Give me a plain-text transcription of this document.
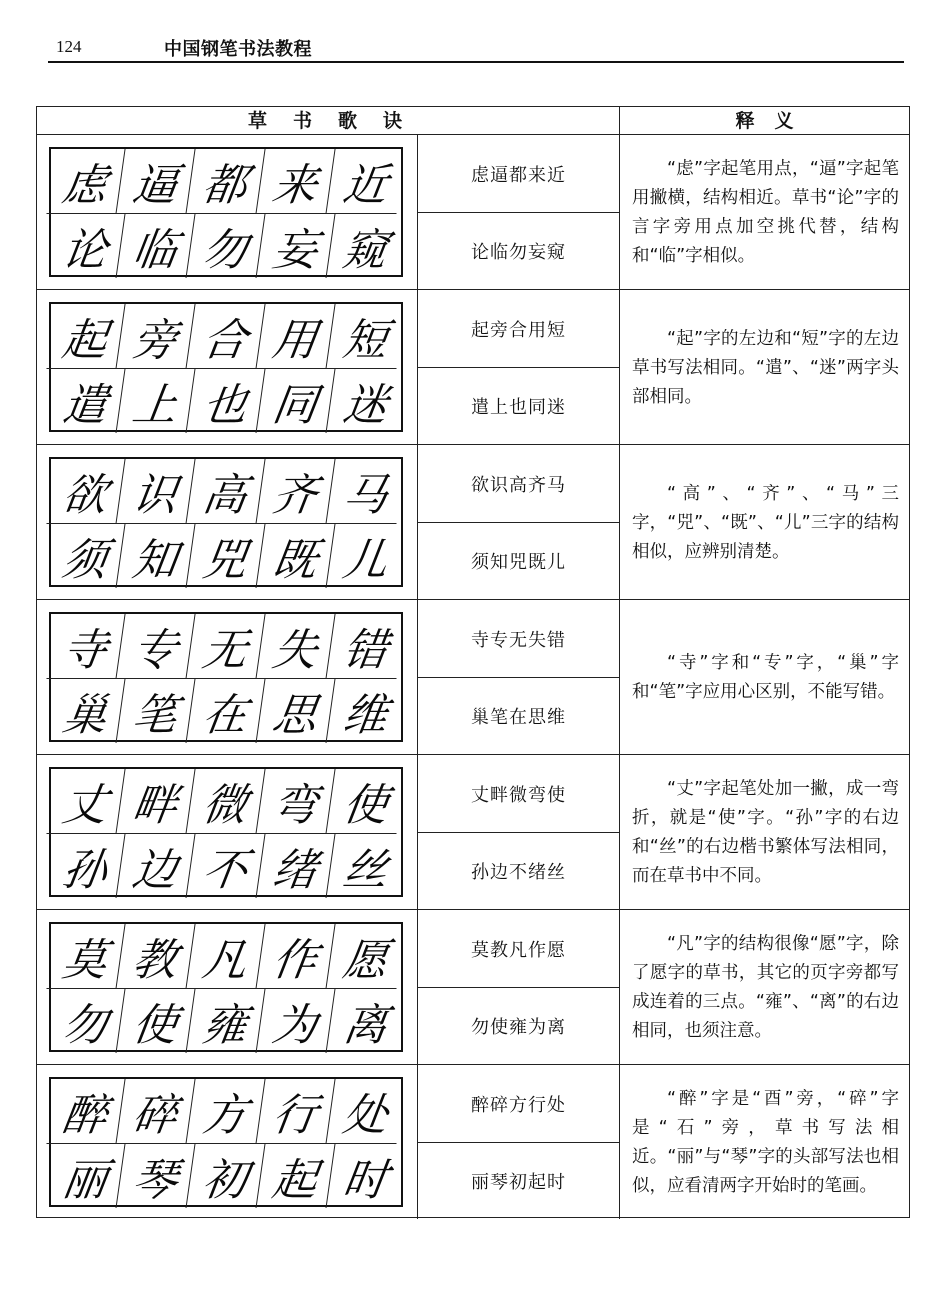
124	中国钢笔书法教程
草书歌诀	释义
虑 逼 都 来 近
论 临 勿 妄 窥
虑逼都来近
论临勿妄窥
“虑”字起笔用点，“逼”字起笔用撇横，结构相近。草书“论”字的言字旁用点加空挑代替，结构和“临”字相似。
起 旁 合 用 短
遣 上 也 同 迷
起旁合用短
遣上也同迷
“起”字的左边和“短”字的左边草书写法相同。“遣”、“迷”两字头部相同。
欲 识 高 齐 马
须 知 兕 既 儿
欲识高齐马
须知兕既儿
“高”、“齐”、“马”三字，“兕”、“既”、“儿”三字的结构相似，应辨别清楚。
寺 专 无 失 错
巢 笔 在 思 维
寺专无失错
巢笔在思维
“寺”字和“专”字，“巢”字和“笔”字应用心区别，不能写错。
丈 畔 微 弯 使
孙 边 不 绪 丝
丈畔微弯使
孙边不绪丝
“丈”字起笔处加一撇，成一弯折，就是“使”字。“孙”字的右边和“丝”的右边楷书繁体写法相同，而在草书中不同。
莫 教 凡 作 愿
勿 使 雍 为 离
莫教凡作愿
勿使雍为离
“凡”字的结构很像“愿”字，除了愿字的草书，其它的页字旁都写成连着的三点。“雍”、“离”的右边相同，也须注意。
醉 碎 方 行 处
丽 琴 初 起 时
醉碎方行处
丽琴初起时
“醉”字是“酉”旁，“碎”字是“石”旁，草书写法相近。“丽”与“琴”字的头部写法也相似，应看清两字开始时的笔画。
